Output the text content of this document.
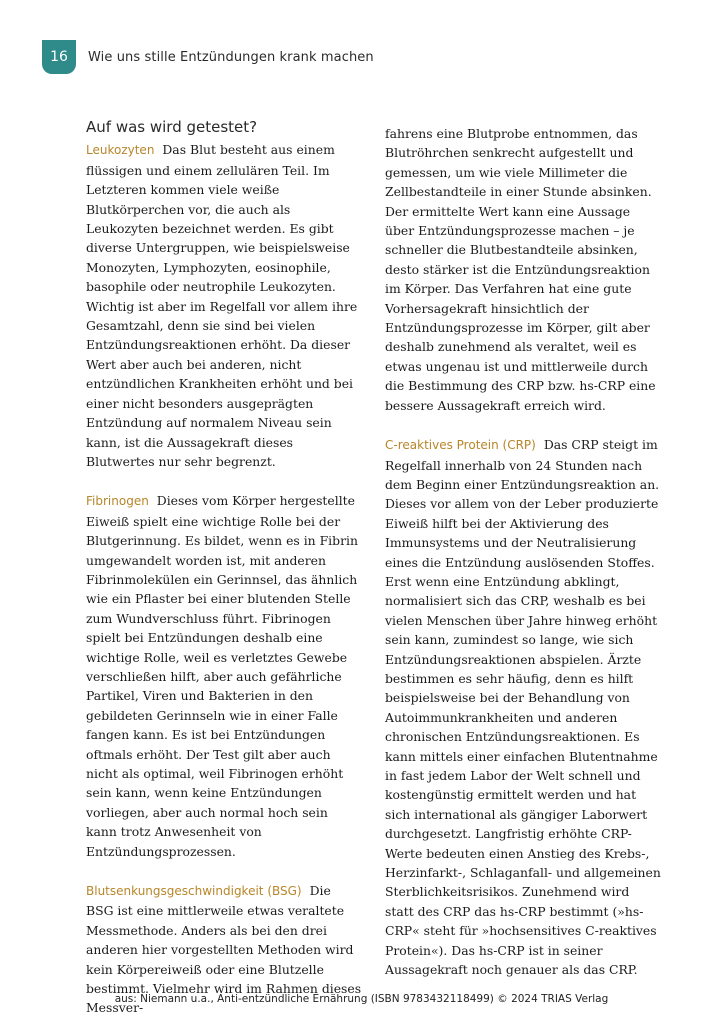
16	Wie uns stille Entzündungen krank machen
Auf was wird getestet?

Leukozyten Das Blut besteht aus einem flüssigen und einem zellulären Teil. Im Letzteren kommen viele weiße Blutkörperchen vor, die auch als Leukozyten bezeichnet werden. Es gibt diverse Untergruppen, wie beispielsweise Monozyten, Lymphozyten, eosinophile, basophile oder neutrophile Leukozyten. Wichtig ist aber im Regelfall vor allem ihre Gesamtzahl, denn sie sind bei vielen Entzündungsreaktionen erhöht. Da dieser Wert aber auch bei anderen, nicht entzündlichen Krankheiten erhöht und bei einer nicht besonders ausgeprägten Entzündung auf normalem Niveau sein kann, ist die Aussagekraft dieses Blutwertes nur sehr begrenzt.

Fibrinogen Dieses vom Körper hergestellte Eiweiß spielt eine wichtige Rolle bei der Blutgerinnung. Es bildet, wenn es in Fibrin umgewandelt worden ist, mit anderen Fibrinmolekülen ein Gerinnsel, das ähnlich wie ein Pflaster bei einer blutenden Stelle zum Wundverschluss führt. Fibrinogen spielt bei Entzündungen deshalb eine wichtige Rolle, weil es verletztes Gewebe verschließen hilft, aber auch gefährliche Partikel, Viren und Bakterien in den gebildeten Gerinnseln wie in einer Falle fangen kann. Es ist bei Entzündungen oftmals erhöht. Der Test gilt aber auch nicht als optimal, weil Fibrinogen erhöht sein kann, wenn keine Entzündungen vorliegen, aber auch normal hoch sein kann trotz Anwesenheit von Entzündungsprozessen.

Blutsenkungsgeschwindigkeit (BSG) Die BSG ist eine mittlerweile etwas veraltete Messmethode. Anders als bei den drei anderen hier vorgestellten Methoden wird kein Körpereiweiß oder eine Blutzelle bestimmt. Vielmehr wird im Rahmen dieses Messver-

fahrens eine Blutprobe entnommen, das Blutröhrchen senkrecht aufgestellt und gemessen, um wie viele Millimeter die Zellbestandteile in einer Stunde absinken. Der ermittelte Wert kann eine Aussage über Entzündungsprozesse machen – je schneller die Blutbestandteile absinken, desto stärker ist die Entzündungsreaktion im Körper. Das Verfahren hat eine gute Vorhersagekraft hinsichtlich der Entzündungsprozesse im Körper, gilt aber deshalb zunehmend als veraltet, weil es etwas ungenau ist und mittlerweile durch die Bestimmung des CRP bzw. hs-CRP eine bessere Aussagekraft erreich wird.

C-reaktives Protein (CRP) Das CRP steigt im Regelfall innerhalb von 24 Stunden nach dem Beginn einer Entzündungsreaktion an. Dieses vor allem von der Leber produzierte Eiweiß hilft bei der Aktivierung des Immunsystems und der Neutralisierung eines die Entzündung auslösenden Stoffes. Erst wenn eine Entzündung abklingt, normalisiert sich das CRP, weshalb es bei vielen Menschen über Jahre hinweg erhöht sein kann, zumindest so lange, wie sich Entzündungsreaktionen abspielen. Ärzte bestimmen es sehr häufig, denn es hilft beispielsweise bei der Behandlung von Autoimmunkrankheiten und anderen chronischen Entzündungsreaktionen. Es kann mittels einer einfachen Blutentnahme in fast jedem Labor der Welt schnell und kostengünstig ermittelt werden und hat sich international als gängiger Laborwert durchgesetzt. Langfristig erhöhte CRP-Werte bedeuten einen Anstieg des Krebs-, Herzinfarkt-, Schlaganfall- und allgemeinen Sterblichkeitsrisikos. Zunehmend wird statt des CRP das hs-CRP bestimmt (»hs-CRP« steht für »hochsensitives C-reaktives Protein«). Das hs-CRP ist in seiner Aussagekraft noch genauer als das CRP.

aus: Niemann u.a., Anti-entzündliche Ernährung (ISBN 9783432118499) © 2024 TRIAS Verlag
